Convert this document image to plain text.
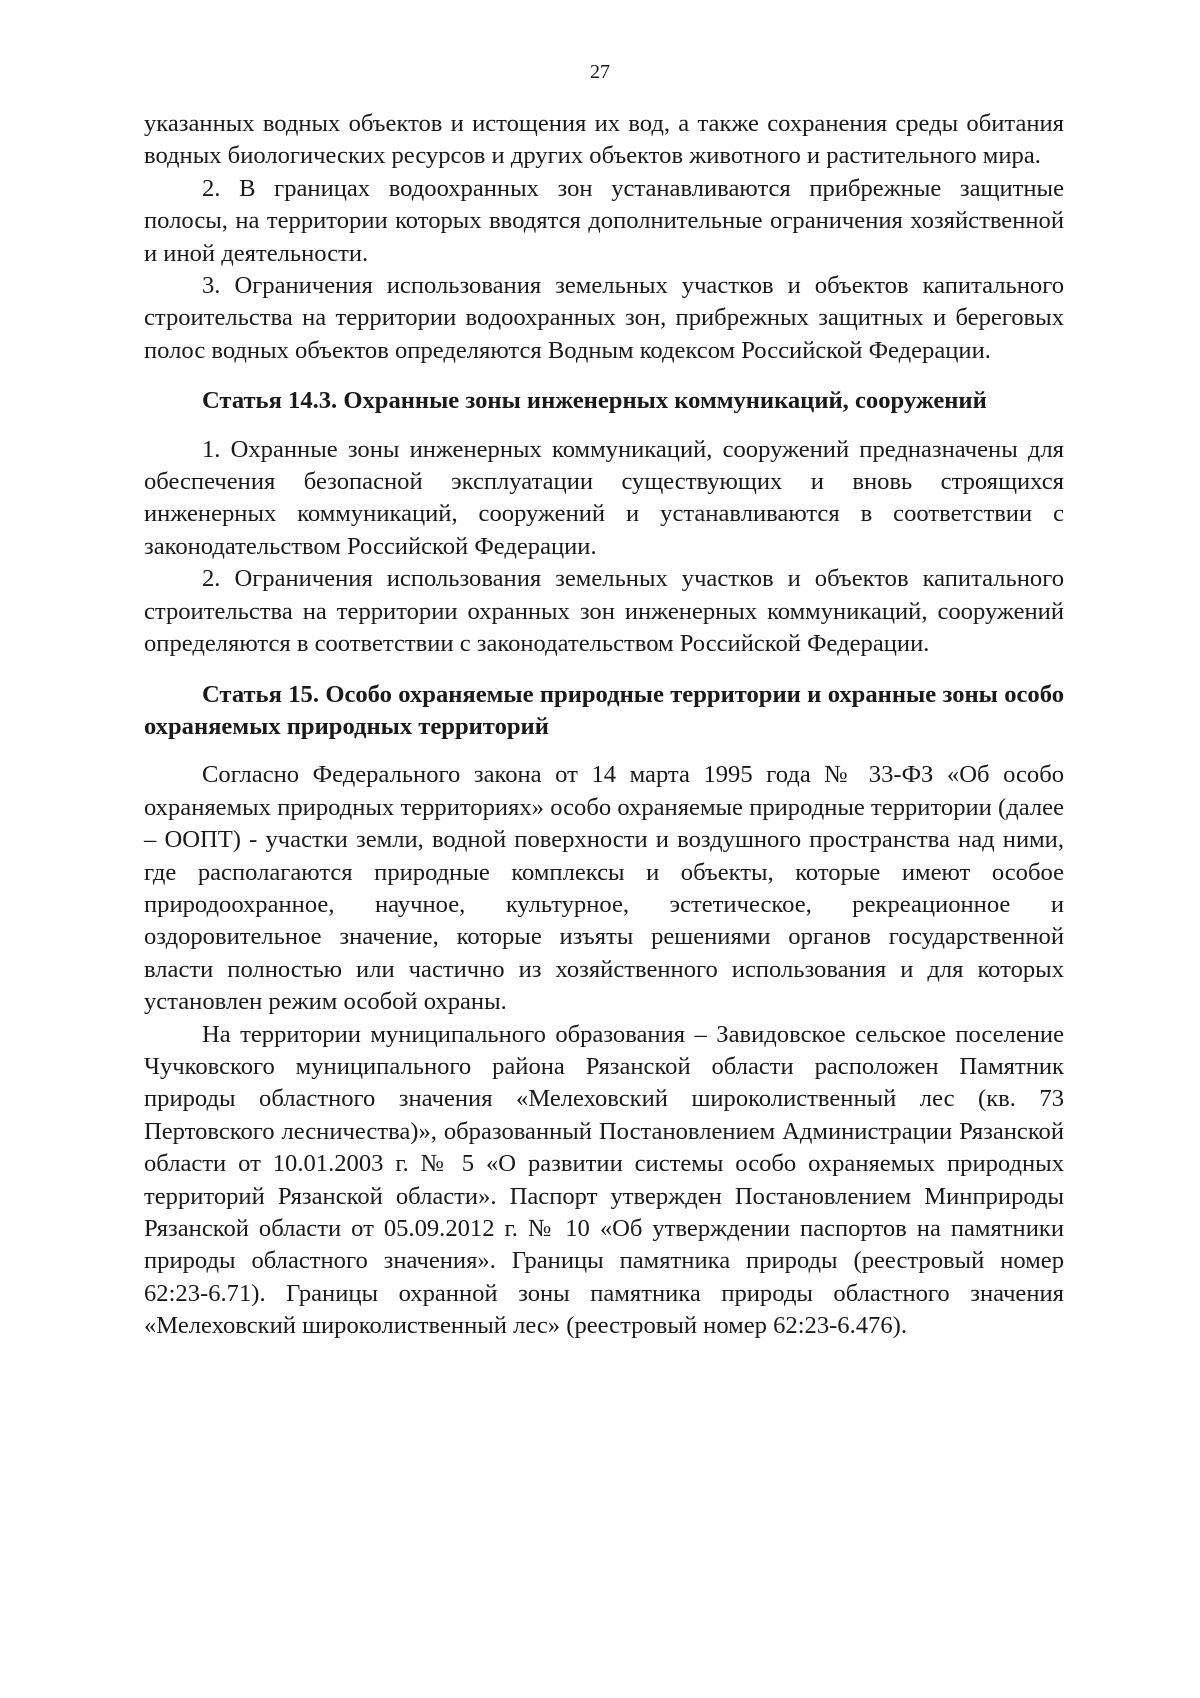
27

указанных водных объектов и истощения их вод, а также сохранения среды обитания водных биологических ресурсов и других объектов животного и растительного мира.

2. В границах водоохранных зон устанавливаются прибрежные защитные полосы, на территории которых вводятся дополнительные ограничения хозяйственной и иной деятельности.

3. Ограничения использования земельных участков и объектов капитального строительства на территории водоохранных зон, прибрежных защитных и береговых полос водных объектов определяются Водным кодексом Российской Федерации.

Статья 14.3. Охранные зоны инженерных коммуникаций, сооружений

1. Охранные зоны инженерных коммуникаций, сооружений предназначены для обеспечения безопасной эксплуатации существующих и вновь строящихся инженерных коммуникаций, сооружений и устанавливаются в соответствии с законодательством Российской Федерации.

2. Ограничения использования земельных участков и объектов капитального строительства на территории охранных зон инженерных коммуникаций, сооружений определяются в соответствии с законодательством Российской Федерации.

Статья 15. Особо охраняемые природные территории и охранные зоны особо охраняемых природных территорий

Согласно Федерального закона от 14 марта 1995 года № 33-ФЗ «Об особо охраняемых природных территориях» особо охраняемые природные территории (далее – ООПТ) - участки земли, водной поверхности и воздушного пространства над ними, где располагаются природные комплексы и объекты, которые имеют особое природоохранное, научное, культурное, эстетическое, рекреационное и оздоровительное значение, которые изъяты решениями органов государственной власти полностью или частично из хозяйственного использования и для которых установлен режим особой охраны.

На территории муниципального образования – Завидовское сельское поселение Чучковского муниципального района Рязанской области расположен Памятник природы областного значения «Мелеховский широколиственный лес (кв. 73 Пертовского лесничества)», образованный Постановлением Администрации Рязанской области от 10.01.2003 г. № 5 «О развитии системы особо охраняемых природных территорий Рязанской области». Паспорт утвержден Постановлением Минприроды Рязанской области от 05.09.2012 г. № 10 «Об утверждении паспортов на памятники природы областного значения». Границы памятника природы (реестровый номер 62:23-6.71). Границы охранной зоны памятника природы областного значения «Мелеховский широколиственный лес» (реестровый номер 62:23-6.476).
